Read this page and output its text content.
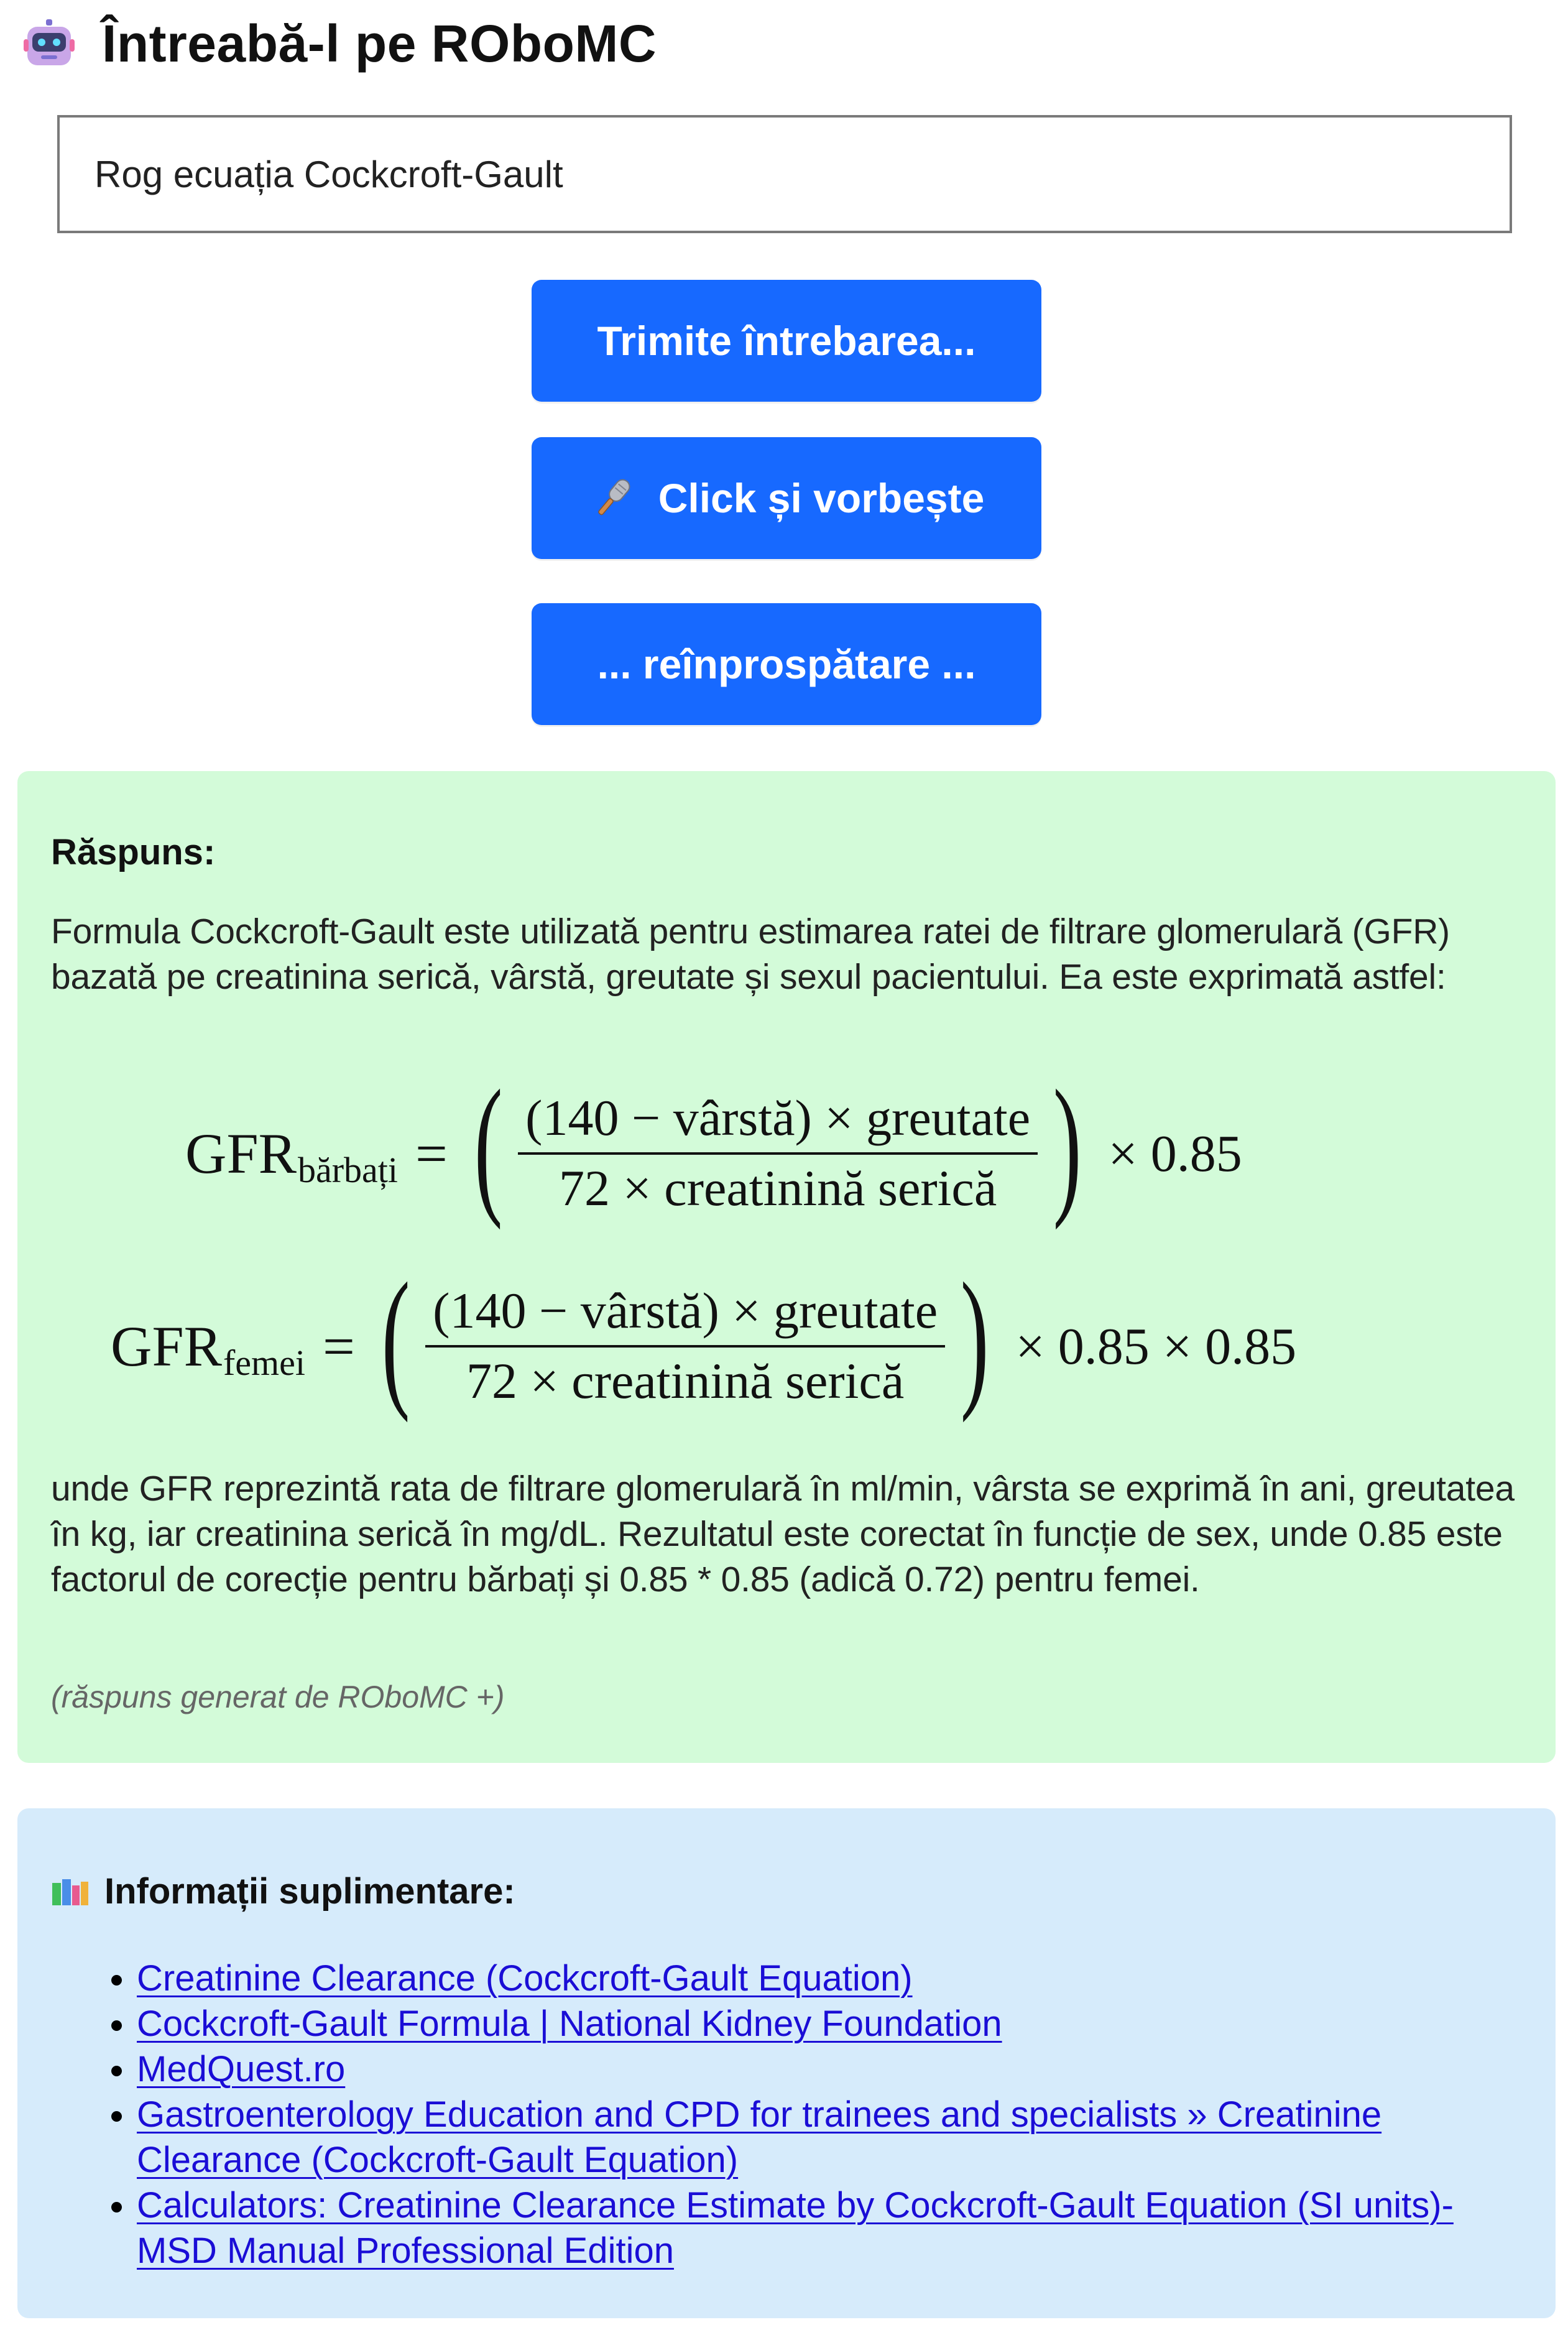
Întreabă-l pe ROboMC
Rog ecuația Cockcroft-Gault
Trimite întrebarea...
Click și vorbește
... reînprospătare ...

Răspuns:

Formula Cockcroft-Gault este utilizată pentru estimarea ratei de filtrare glomerulară (GFR) bazată pe creatinina serică, vârstă, greutate și sexul pacientului. Ea este exprimată astfel:

GFR bărbați = ( $\frac{\text{(140 − vârstă) × greutate}}{\text{72 × creatinină serică}}$ ) × 0.85
GFR femei = ( $\frac{\text{(140 − vârstă) × greutate}}{\text{72 × creatinină serică}}$ ) × 0.85 × 0.85

unde GFR reprezintă rata de filtrare glomerulară în ml/min, vârsta se exprimă în ani, greutatea în kg, iar creatinina serică în mg/dL. Rezultatul este corectat în funcție de sex, unde 0.85 este factorul de corecție pentru bărbați și 0.85 * 0.85 (adică 0.72) pentru femei.

(răspuns generat de ROboMC +)

Informații suplimentare:
• Creatinine Clearance (Cockcroft-Gault Equation)
• Cockcroft-Gault Formula | National Kidney Foundation
• MedQuest.ro
• Gastroenterology Education and CPD for trainees and specialists » Creatinine Clearance (Cockcroft-Gault Equation)
• Calculators: Creatinine Clearance Estimate by Cockcroft-Gault Equation (SI units)-MSD Manual Professional Edition
